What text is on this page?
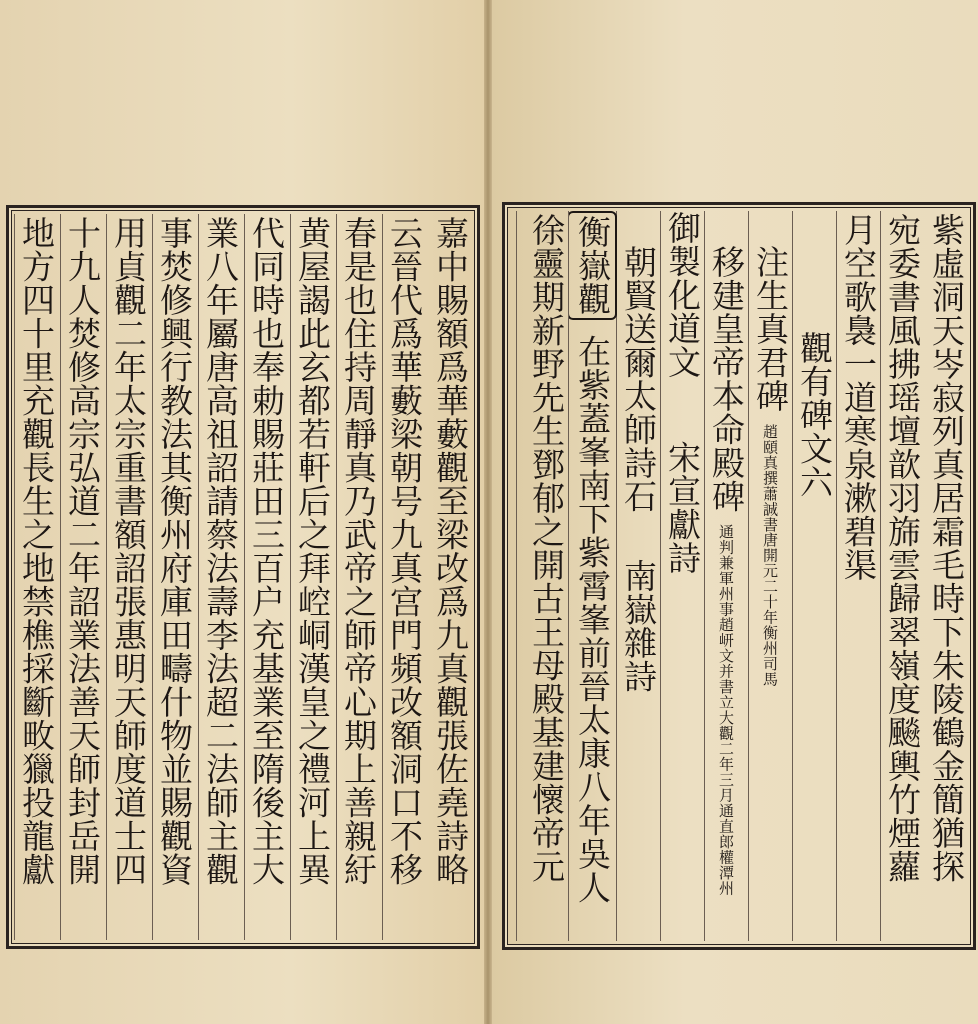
紫虛洞天岑寂列真居霜毛時下朱陵鶴金簡猶探
宛委書風拂瑶壇歆羽旆雲歸翠嶺度飈輿竹煙蘿
月空歌裊一道寒泉漱碧渠
觀有碑文六
注生真君碑
唐開元二十年衡州司馬
趙頤真撰蕭誠書
移建皇帝本命殿碑
大觀二年三月通直郎權潭州
通判兼軍州事趙岍文并書立
御製化道文  宋宣獻詩
朝賢送爾太師詩石  南嶽雜詩
衡嶽觀 在紫蓋峯南下紫霄峯前晉太康八年吳人
徐靈期新野先生鄧郁之開古王母殿基建懷帝元
嘉中賜額爲華藪觀至梁改爲九真觀張佐堯詩略
云晉代爲華藪梁朝号九真宫門頻改額洞口不移
春是也住持周靜真乃武帝之師帝心期上善親紆
黄屋謁此玄都若軒后之拜崆峒漢皇之禮河上異
代同時也奉勅賜莊田三百户充基業至隋後主大
業八年屬唐高祖詔請蔡法壽李法超二法師主觀
事焚修興行教法其衡州府庫田疇什物並賜觀資
用貞觀二年太宗重書額詔張惠明天師度道士四
十九人焚修高宗弘道二年詔業法善天師封岳開
地方四十里充觀長生之地禁樵採斷畋獵投龍獻
